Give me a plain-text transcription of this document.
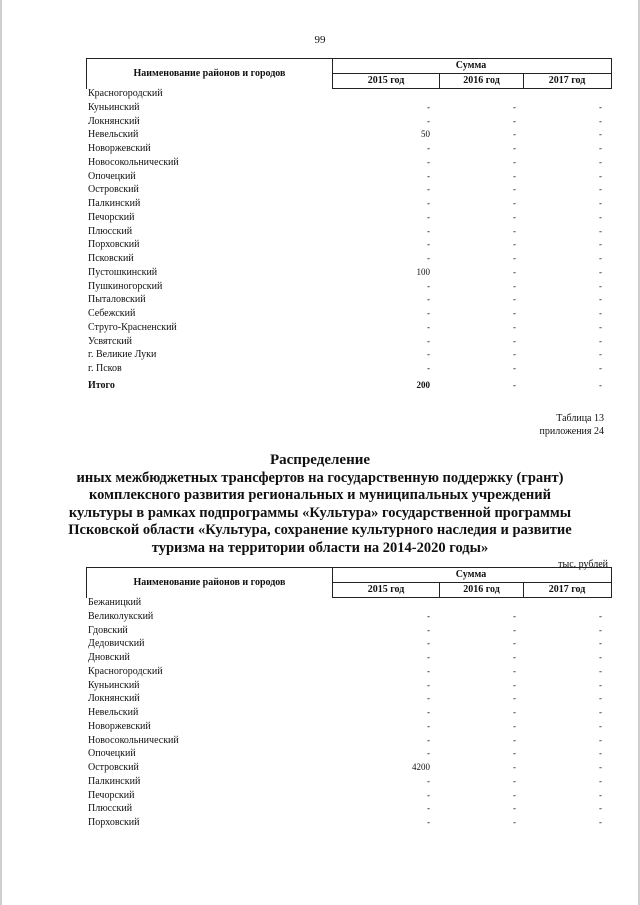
99
Наименование районов и городов
Сумма
2015 год	2016 год	2017 год
Красногородский
Куньинский	-	-	-
Локнянский	-	-	-
Невельский	50	-	-
Новоржевский	-	-	-
Новосокольнический	-	-	-
Опочецкий	-	-	-
Островский	-	-	-
Палкинский	-	-	-
Печорский	-	-	-
Плюсский	-	-	-
Порховский	-	-	-
Псковский	-	-	-
Пустошкинский	100	-	-
Пушкиногорский	-	-	-
Пыталовский	-	-	-
Себежский	-	-	-
Струго-Красненский	-	-	-
Усвятский	-	-	-
г. Великие Луки	-	-	-
г. Псков	-	-	-
Итого	200	-	-
Таблица 13
приложения 24
Распределение
иных межбюджетных трансфертов на государственную поддержку (грант)
комплексного развития региональных и муниципальных учреждений
культуры в рамках подпрограммы «Культура» государственной программы
Псковской области «Культура, сохранение культурного наследия и развитие
туризма на территории области на 2014-2020 годы»
тыс. рублей
Наименование районов и городов
Сумма
2015 год	2016 год	2017 год
Бежаницкий
Великолукский	-	-	-
Гдовский	-	-	-
Дедовичский	-	-	-
Дновский	-	-	-
Красногородский	-	-	-
Куньинский	-	-	-
Локнянский	-	-	-
Невельский	-	-	-
Новоржевский	-	-	-
Новосокольнический	-	-	-
Опочецкий	-	-	-
Островский	4200	-	-
Палкинский	-	-	-
Печорский	-	-	-
Плюсский	-	-	-
Порховский	-	-	-
